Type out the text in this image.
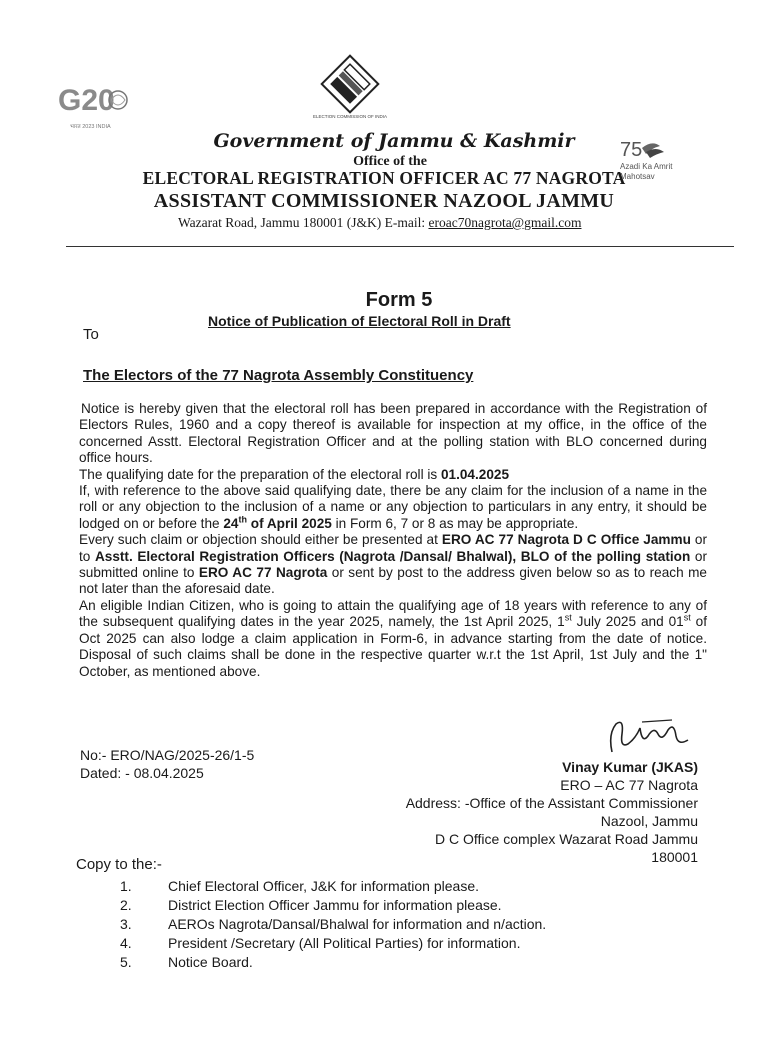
G20
भारत 2023 INDIA
ELECTION COMMISSION OF INDIA
75
Azadi Ka Amrit Mahotsav
Government of Jammu & Kashmir
Office of the
ELECTORAL REGISTRATION OFFICER AC 77 NAGROTA
ASSISTANT COMMISSIONER NAZOOL JAMMU
Wazarat Road, Jammu 180001 (J&K) E-mail: eroac70nagrota@gmail.com
Form 5
Notice of Publication of Electoral Roll in Draft
To
The Electors of the 77 Nagrota Assembly Constituency

Notice is hereby given that the electoral roll has been prepared in accordance with the Registration of Electors Rules, 1960 and a copy thereof is available for inspection at my office, in the office of the concerned Asstt. Electoral Registration Officer and at the polling station with BLO concerned during office hours.

The qualifying date for the preparation of the electoral roll is 01.04.2025

If, with reference to the above said qualifying date, there be any claim for the inclusion of a name in the roll or any objection to the inclusion of a name or any objection to particulars in any entry, it should be lodged on or before the 24th of April 2025 in Form 6, 7 or 8 as may be appropriate.

Every such claim or objection should either be presented at ERO AC 77 Nagrota D C Office Jammu or to Asstt. Electoral Registration Officers (Nagrota /Dansal/ Bhalwal), BLO of the polling station or submitted online to ERO AC 77 Nagrota or sent by post to the address given below so as to reach me not later than the aforesaid date.

An eligible Indian Citizen, who is going to attain the qualifying age of 18 years with reference to any of the subsequent qualifying dates in the year 2025, namely, the 1st April 2025, 1st July 2025 and 01st of Oct 2025 can also lodge a claim application in Form-6, in advance starting from the date of notice. Disposal of such claims shall be done in the respective quarter w.r.t the 1st April, 1st July and the 1" October, as mentioned above.

No:- ERO/NAG/2025-26/1-5
Dated: - 08.04.2025	Vinay Kumar (JKAS)
ERO – AC 77 Nagrota
Address: -Office of the Assistant Commissioner
Nazool, Jammu
D C Office complex Wazarat Road Jammu
180001
Copy to the:-
1.	Chief Electoral Officer, J&K for information please.
2.	District Election Officer Jammu for information please.
3.	AEROs Nagrota/Dansal/Bhalwal for information and n/action.
4.	President /Secretary (All Political Parties) for information.
5.	Notice Board.
